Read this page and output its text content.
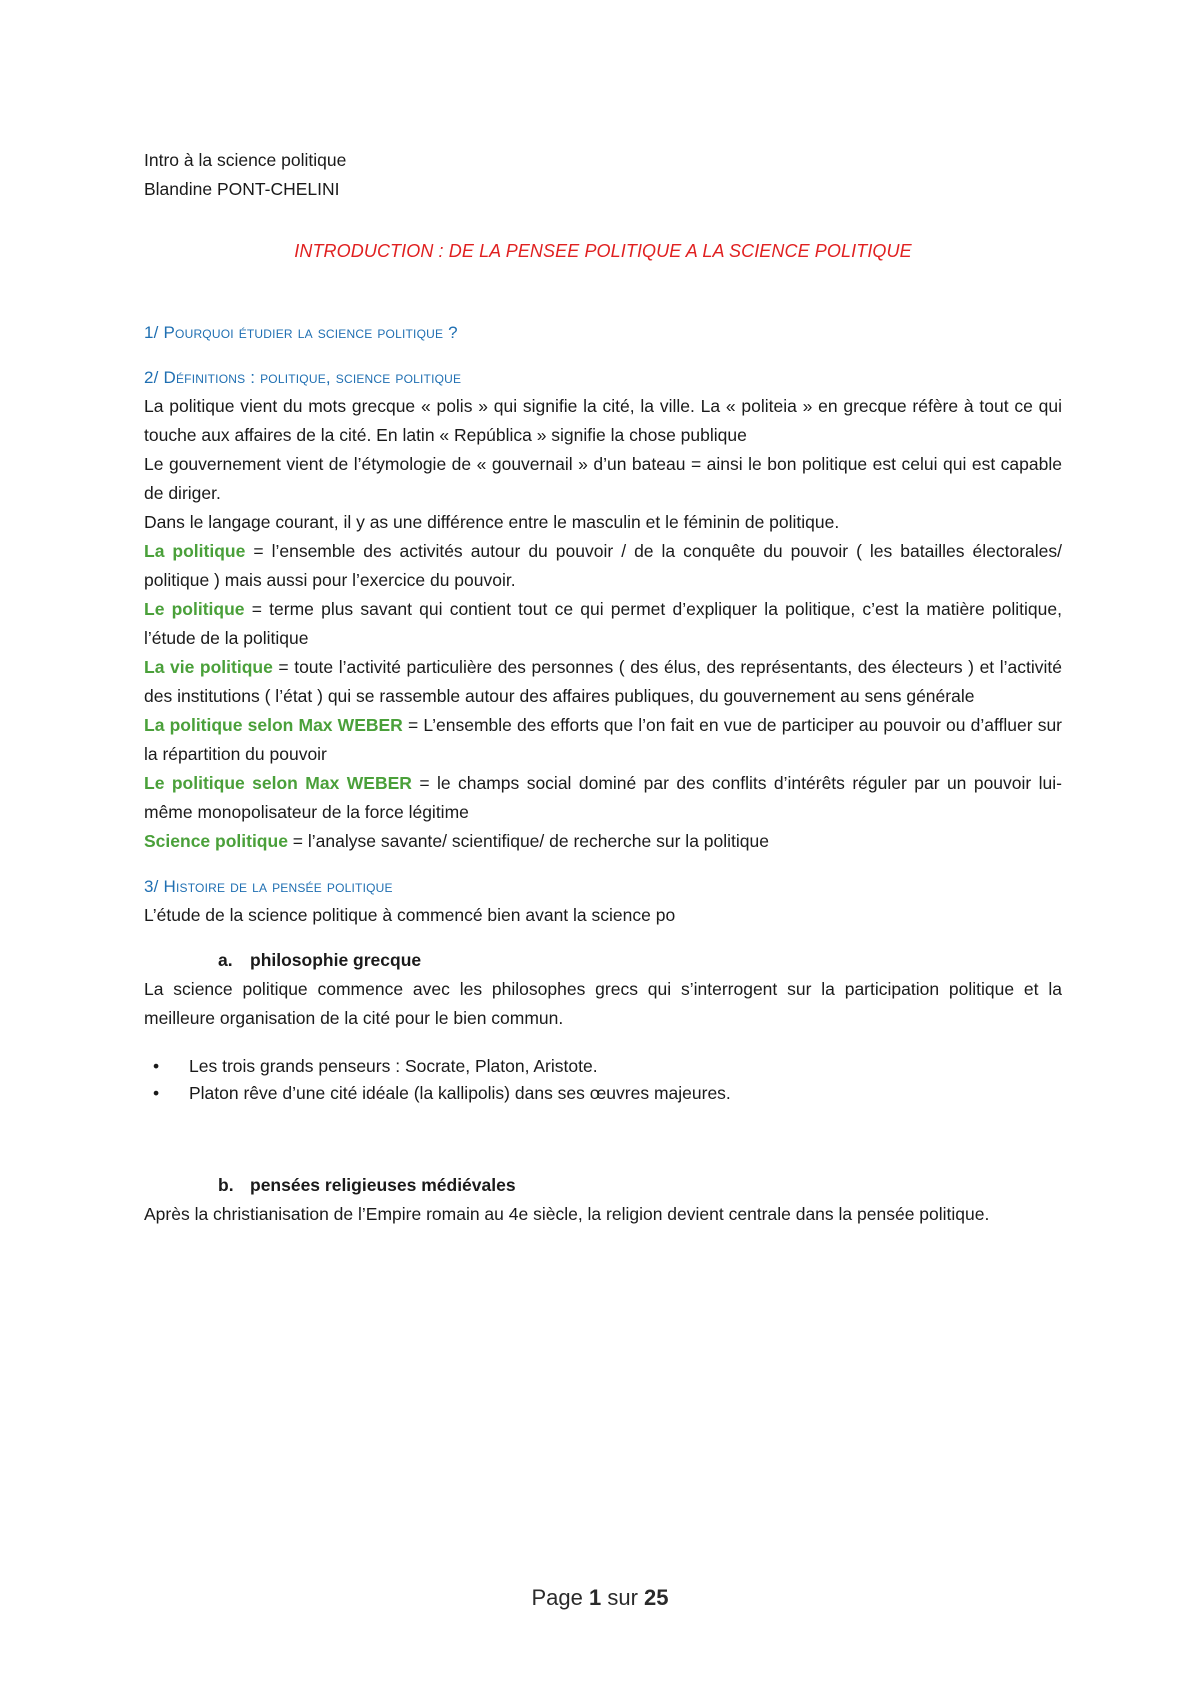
Intro à la science politique
Blandine PONT-CHELINI
INTRODUCTION : DE LA PENSEE POLITIQUE A LA SCIENCE POLITIQUE
1/ Pourquoi étudier la science politique ?
2/ Définitions : politique, science politique

La politique vient du mots grecque « polis » qui signifie la cité, la ville. La « politeia » en grecque réfère à tout ce qui touche aux affaires de la cité. En latin « República » signifie la chose publique

Le gouvernement vient de l’étymologie de « gouvernail » d’un bateau = ainsi le bon politique est celui qui est capable de diriger.

Dans le langage courant, il y as une différence entre le masculin et le féminin de politique.

La politique = l’ensemble des activités autour du pouvoir / de la conquête du pouvoir ( les batailles électorales/ politique ) mais aussi pour l’exercice du pouvoir.

Le politique = terme plus savant qui contient tout ce qui permet d’expliquer la politique, c’est la matière politique, l’étude de la politique

La vie politique = toute l’activité particulière des personnes ( des élus, des représentants, des électeurs ) et l’activité des institutions ( l’état ) qui se rassemble autour des affaires publiques, du gouvernement au sens générale

La politique selon Max WEBER = L’ensemble des efforts que l’on fait en vue de participer au pouvoir ou d’affluer sur la répartition du pouvoir

Le politique selon Max WEBER = le champs social dominé par des conflits d’intérêts réguler par un pouvoir lui-même monopolisateur de la force légitime

Science politique = l’analyse savante/ scientifique/ de recherche sur la politique

3/ Histoire de la pensée politique

L’étude de la science politique à commencé bien avant la science po

a. philosophie grecque

La science politique commence avec les philosophes grecs qui s’interrogent sur la participation politique et la meilleure organisation de la cité pour le bien commun.

• Les trois grands penseurs : Socrate, Platon, Aristote.
• Platon rêve d’une cité idéale (la kallipolis) dans ses œuvres majeures.
b. pensées religieuses médiévales

Après la christianisation de l’Empire romain au 4e siècle, la religion devient centrale dans la pensée politique.

Page 1 sur 25
